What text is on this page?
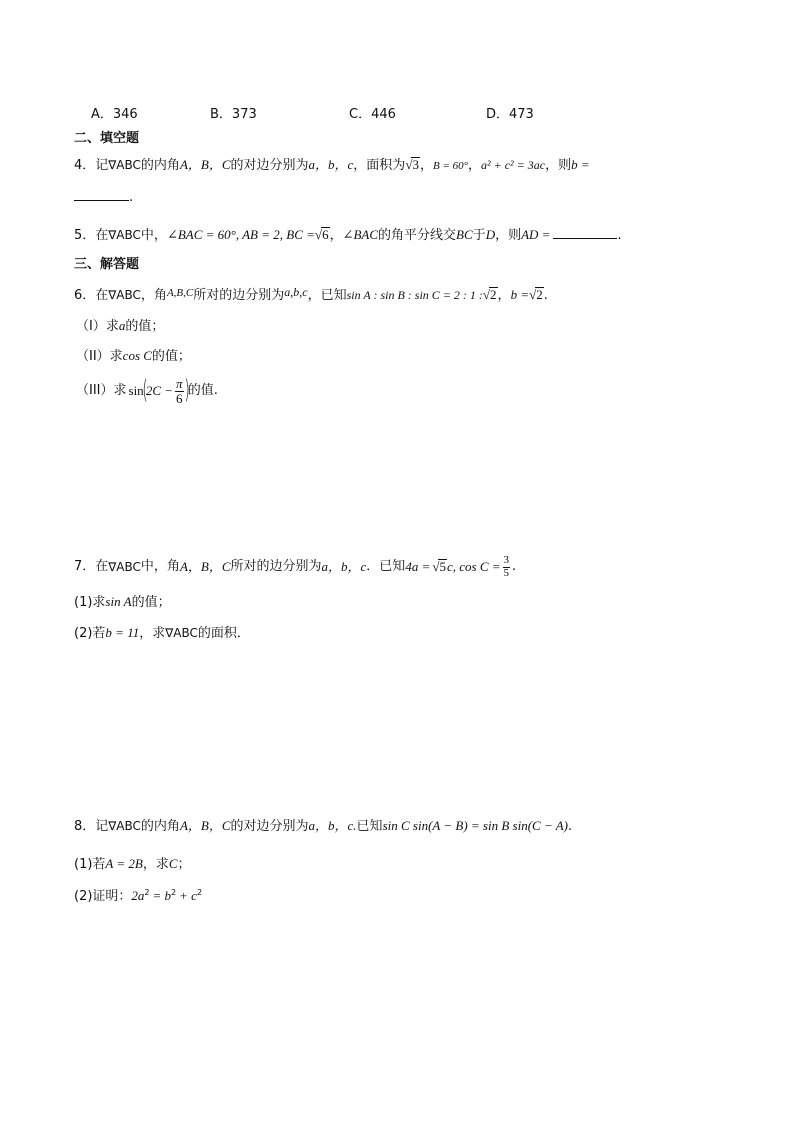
A．346	B．373	C．446	D．473
二、填空题
4．记∇ABC的内角A，B，C的对边分别为a，b，c，面积为√3，B = 60°，a² + c² = 3ac，则b =
.
5．在∇ABC中，∠BAC = 60°, AB = 2, BC =√6，∠BAC的角平分线交BC于D，则AD =	.
三、解答题
6．在∇ABC，角$^{A,B,C}$所对的边分别为a,b,c，已知sin A : sin B : sin C = 2 : 1 :√2，b =√2.
（I）求a的值；
（II）求cos C的值；
（III）求 sin
(
$2C - \frac{\pi}{6}$ )
的值.
7．在 ∇ABC 中，角 A，B，C 所对的边分别为 a，b，c ．已知 4a = √ 5 c, $\cos C = \frac{3}{5}$ .
(1)求sin A的值；
(2)若b = 11，求∇ABC的面积．
8．记∇ABC的内角A，B，C的对边分别为a，b，c.已知sin C sin(A − B) = sin B sin(C − A).
(1)若A = 2B，求C；
(2)证明：$2a^2 = b^2 + c^2$
